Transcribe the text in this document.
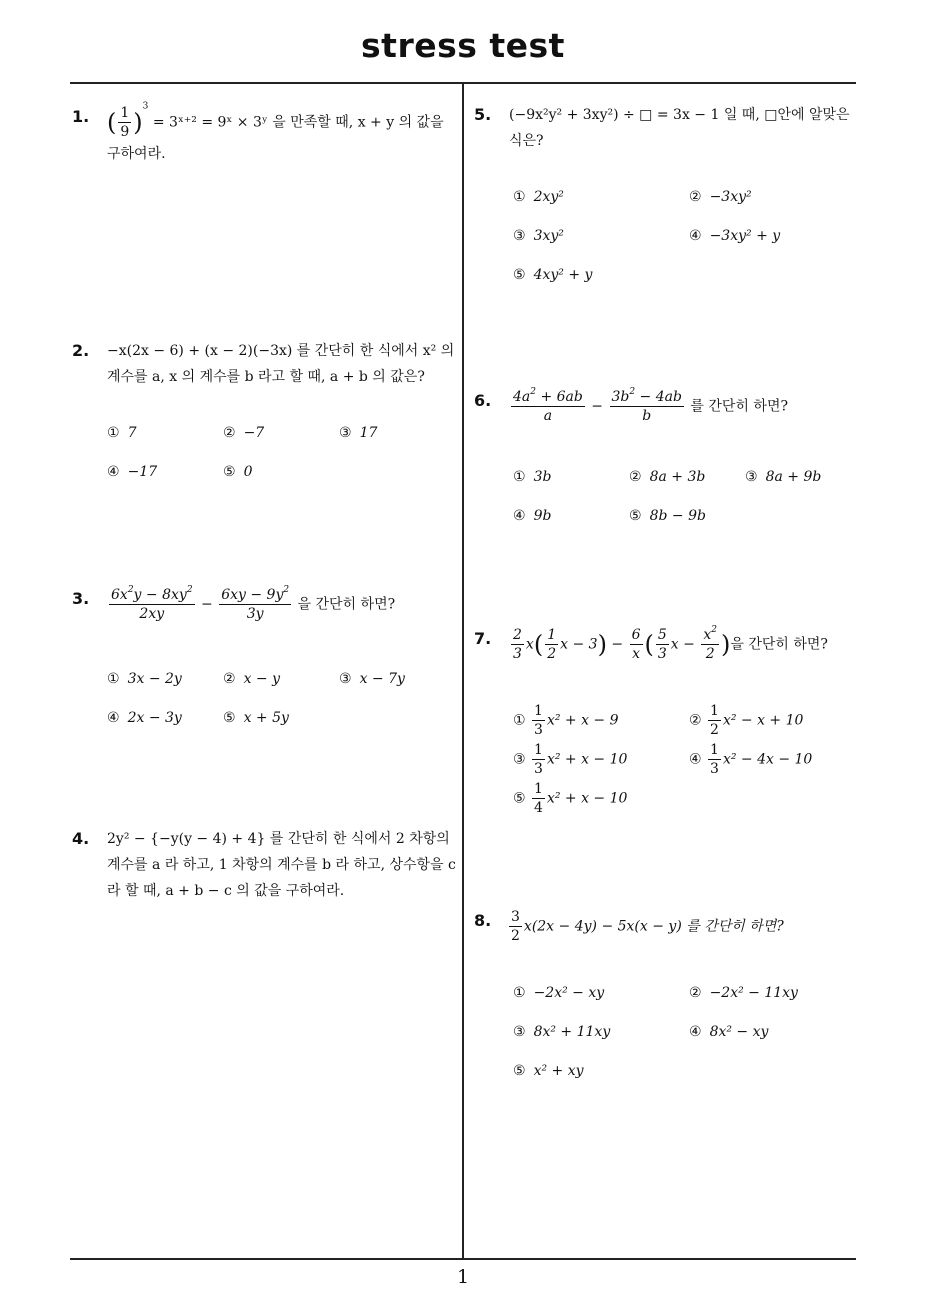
stress test
1
1. ( $\frac{1}{9} )^3$ = 3ˣ⁺² = 9ˣ × 3ʸ 을 만족할 때, x + y 의 값을 구하여라.
2. −x(2x − 6) + (x − 2)(−3x) 를 간단히 한 식에서 x² 의 계수를 a, x 의 계수를 b 라고 할 때, a + b 의 값은?
① 7	② −7	③ 17
④ −17	⑤ 0
3. $\frac{6x^2y - 8xy^2}{2xy} - \frac{6xy - 9y^2}{3y}$ 을 간단히 하면?
① 3x − 2y	② x − y	③ x − 7y
④ 2x − 3y	⑤ x + 5y
4. 2y² − {−y(y − 4) + 4} 를 간단히 한 식에서 2 차항의 계수를 a 라 하고, 1 차항의 계수를 b 라 하고, 상수항을 c 라 할 때, a + b − c 의 값을 구하여라.
5. (−9x²y² + 3xy²) ÷ □ = 3x − 1 일 때, □안에 알맞은 식은?
① 2xy²	② −3xy²
③ 3xy²	④ −3xy² + y
⑤ 4xy² + y
6. $\frac{4a^2 + 6ab}{a} - \frac{3b^2 - 4ab}{b}$ 를 간단히 하면?
① 3b	② 8a + 3b	③ 8a + 9b
④ 9b	⑤ 8b − 9b
7. $\frac{2}{3} x( \frac{1}{2}$ $x - 3) - \frac{6}{x}$ ( $\frac{5}{3}$ $x - \frac{x^2}{2}$ )을 간단히 하면?
① $\frac{1}{3} x^2 + x - 9$	② $\frac{1}{2} x^2 - x + 10$
③ $\frac{1}{3} x^2 + x - 10$	④ $\frac{1}{3} x^2 - 4x - 10$
⑤ $\frac{1}{4} x^2 + x - 10$
8. $\frac{3}{2} x(2x - 4y) - 5x(x - y)$ 를 간단히 하면?
① −2x² − xy	② −2x² − 11xy
③ 8x² + 11xy	④ 8x² − xy
⑤ x² + xy
